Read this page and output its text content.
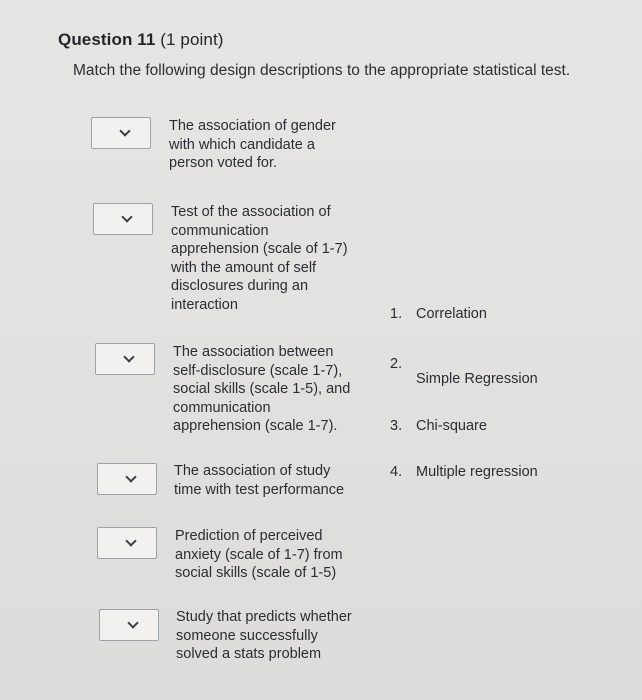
Question 11 (1 point)
Match the following design descriptions to the appropriate statistical test.
The association of gender
with which candidate a
person voted for.
Test of the association of
communication
apprehension (scale of 1-7)
with the amount of self
disclosures during an
interaction
The association between
self-disclosure (scale 1-7),
social skills (scale 1-5), and
communication
apprehension (scale 1-7).
The association of study
time with test performance
Prediction of perceived
anxiety (scale of 1-7) from
social skills (scale of 1-5)
Study that predicts whether
someone successfully
solved a stats problem
1. Correlation
2.
Simple Regression
3. Chi-square
4. Multiple regression
